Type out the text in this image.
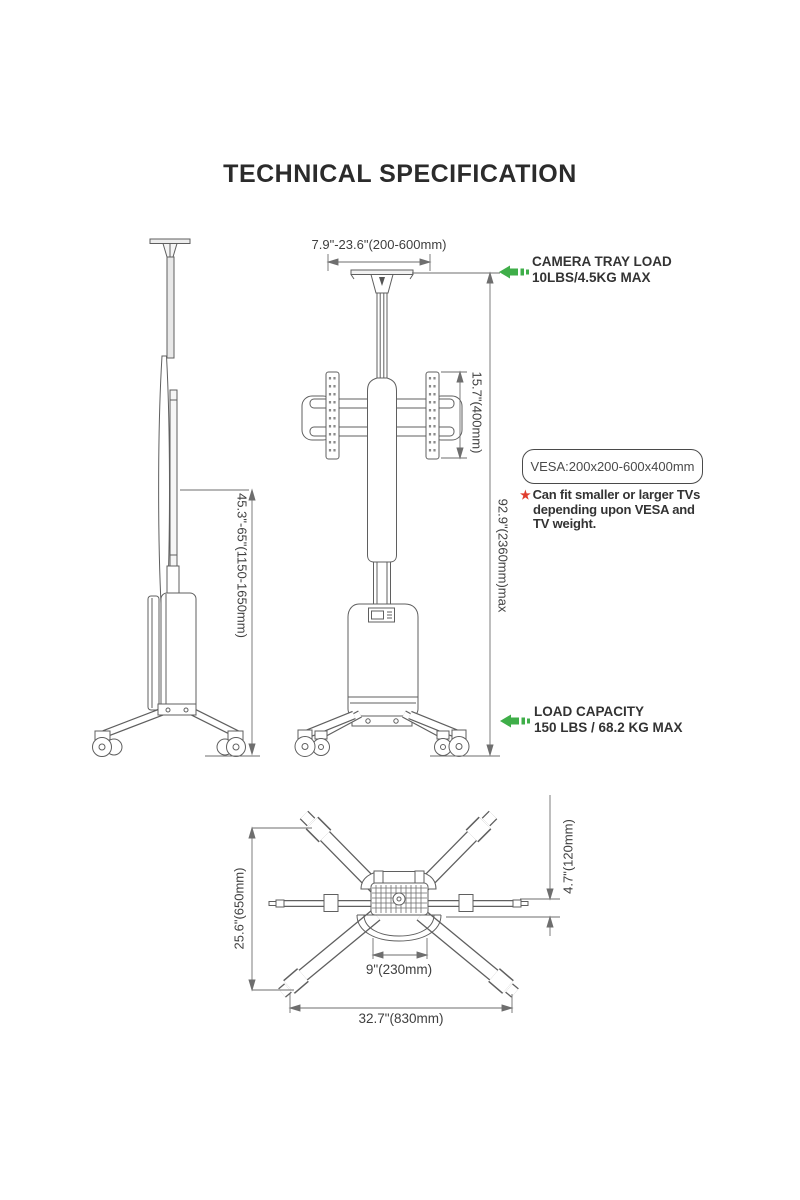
TECHNICAL SPECIFICATION
7.9"-23.6"(200-600mm)
45.3"-65"(1150-1650mm)
15.7"(400mm)
92.9"(2360mm)max
25.6"(650mm)
4.7"(120mm)
9"(230mm)
32.7"(830mm)
CAMERA TRAY LOAD
10LBS/4.5KG MAX
VESA:200x200-600x400mm
★ Can fit smaller or larger TVs
depending upon VESA and
TV weight.
LOAD CAPACITY
150 LBS / 68.2 KG MAX
